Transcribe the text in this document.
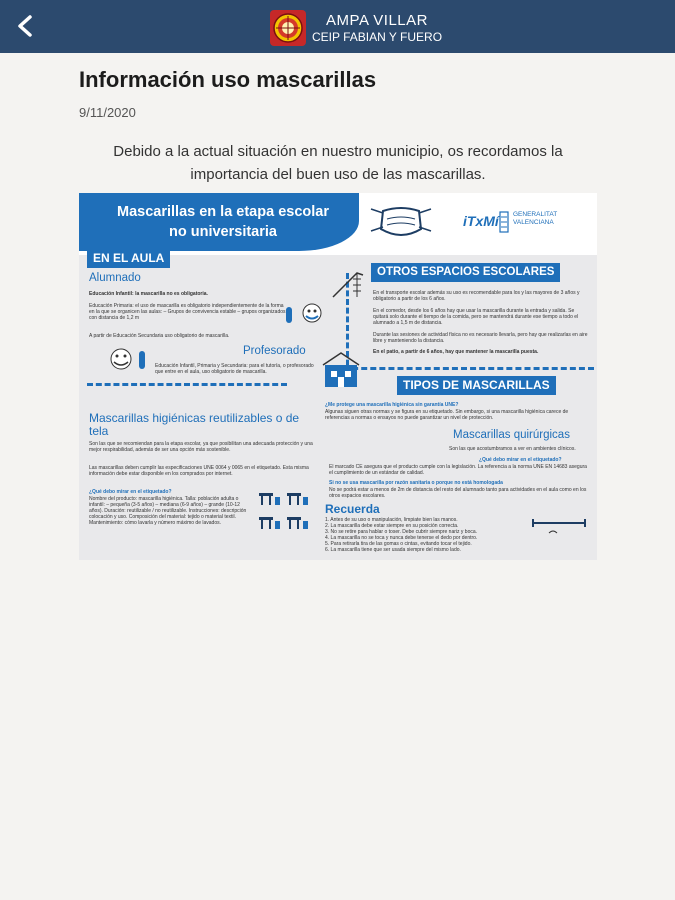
AMPA VILLAR
CEIP FABIAN Y FUERO
Información uso mascarillas
9/11/2020
Debido a la actual situación en nuestro municipio, os recordamos la importancia del buen uso de las mascarillas.
Mascarillas en la etapa escolar
no universitaria
iTxMí GENERALITAT
VALENCIANA
EN EL AULA
Alumnado
Educación Infantil: la mascarilla no es obligatoria.
Educación Primaria: el uso de mascarilla es obligatorio independientemente de la forma en la que se organicen las aulas: – Grupos de convivencia estable – grupos organizados con distancia de 1,2 m
A partir de Educación Secundaria uso obligatorio de mascarilla.
Profesorado
Educación Infantil, Primaria y Secundaria: para el tutoría, o profesorado que entre en el aula, uso obligatorio de mascarilla.
OTROS ESPACIOS ESCOLARES
En el transporte escolar además su uso es recomendable para los y las mayores de 3 años y obligatorio a partir de los 6 años.
En el comedor, desde los 6 años hay que usar la mascarilla durante la entrada y salida. Se quitará solo durante el tiempo de la comida, pero se mantendrá durante ese tiempo a todo el alumnado a 1,5 m de distancia.
Durante las sesiones de actividad física no es necesario llevarla, pero hay que realizarlas en aire libre y manteniendo la distancia.
En el patio, a partir de 6 años, hay que mantener la mascarilla puesta.
TIPOS DE MASCARILLAS
¿Me protege una mascarilla higiénica sin garantía UNE?
Algunas siguen otras normas y se figura en su etiquetado. Sin embargo, si una mascarilla higiénica carece de referencias a normas o ensayos no puede garantizar un nivel de protección.
Mascarillas quirúrgicas
Son las que acostumbramos a ver en ambientes clínicos.
¿Qué debo mirar en el etiquetado?
El marcado CE asegura que el producto cumple con la legislación. La referencia a la norma UNE EN 14683 asegura el cumplimiento de un estándar de calidad.
Si no se usa mascarilla por razón sanitaria o porque no está homologada
No se podrá estar a menos de 2m de distancia del resto del alumnado tanto para actividades en el aula como en los otros espacios escolares.
Mascarillas higiénicas reutilizables o de tela
Son las que se recomiendan para la etapa escolar, ya que posibilitan una adecuada protección y una mejor respirabilidad, además de ser una opción más sostenible.
Las mascarillas deben cumplir las especificaciones UNE 0064 y 0065 en el etiquetado. Esta misma información debe estar disponible en los comprados por internet.
¿Qué debo mirar en el etiquetado?
Nombre del producto: mascarilla higiénica. Talla: población adulta o infantil: – pequeña (3-5 años) – mediana (6-9 años) – grande (10-12 años). Duración: reutilizable / no reutilizable. Instrucciones: descripción colocación y uso. Composición del material: tejido o material textil. Mantenimiento: cómo lavarla y número máximo de lavados.
Recuerda
1. Antes de su uso o manipulación, limpiate bien las manos.
2. La mascarilla debe estar siempre en su posición correcta.
3. No se retire para hablar o toser. Debe cubrir siempre nariz y boca.
4. La mascarilla no se toca y nunca debe tenerse el dedo por dentro.
5. Para retirarla tira de las gomas o cintas, evitando tocar el tejido.
6. La mascarilla tiene que ser usada siempre del mismo lado.
